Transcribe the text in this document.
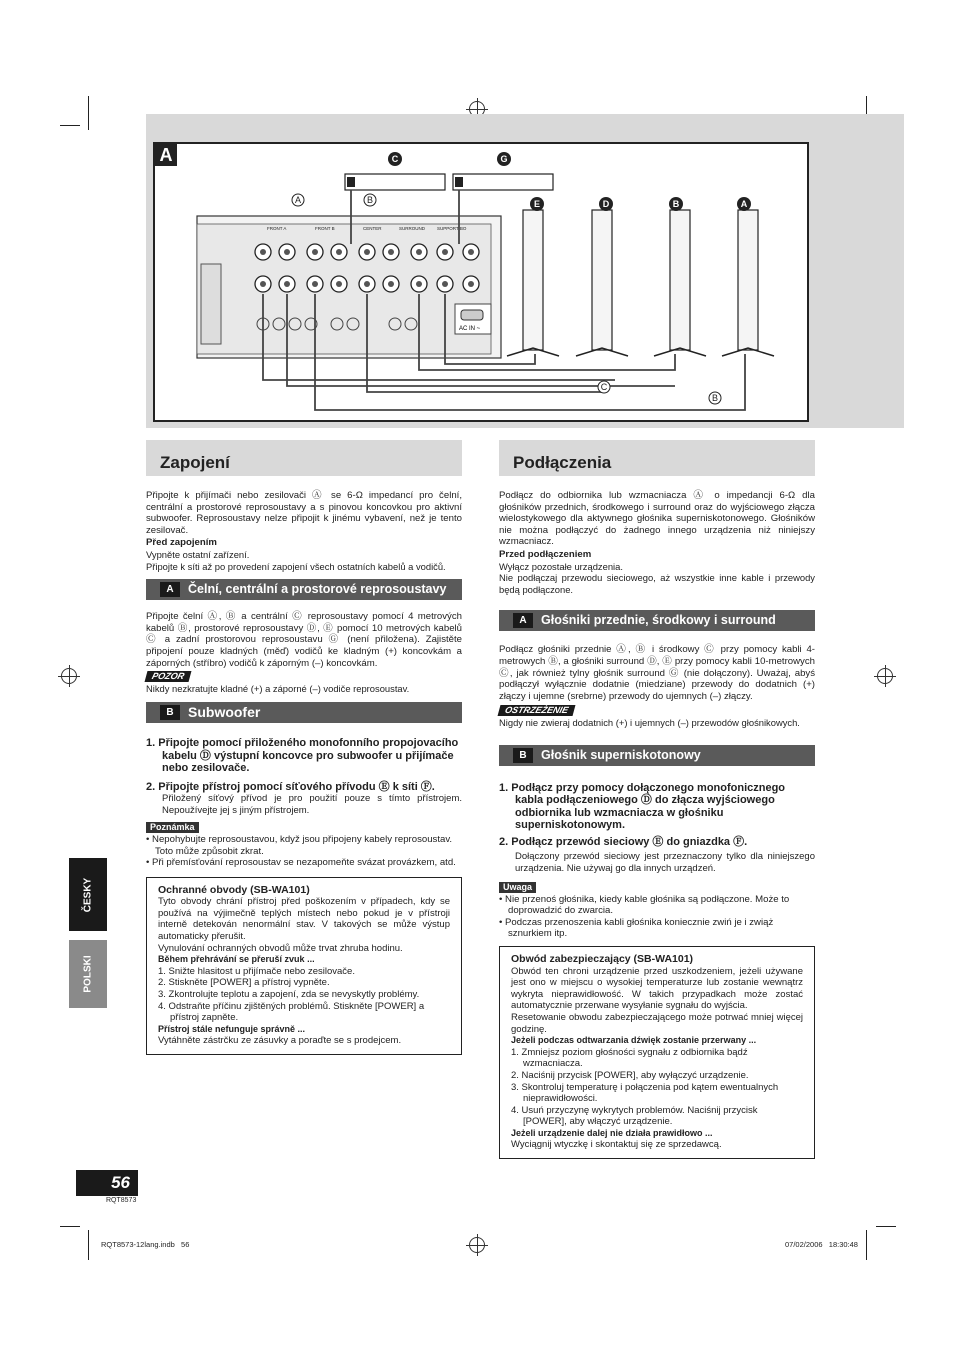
A
AC IN ~
FRONT A	FRONT B	CENTER	SURROUND	SUPPORT BO
C	G
A	B	E	D	B	A
C
B
Zapojení

Připojte k přijímači nebo zesilovači Ⓐ se 6-Ω impedancí pro čelní, centrální a prostorové reprosoustavy a s pinovou koncovkou pro aktivní subwoofer. Reprosoustavy nelze připojit k jinému vybavení, než je tento zesilovač.

Před zapojením

Vypněte ostatní zařízení.

Připojte k síti až po provedení zapojení všech ostatních kabelů a vodičů.

A	Čelní, centrální a prostorové reprosoustavy

Připojte čelní Ⓐ, Ⓑ a centrální Ⓒ reprosoustavy pomocí 4 metrových kabelů Ⓑ, prostorové reprosoustavy Ⓓ, Ⓔ pomocí 10 metrových kabelů Ⓒ a zadní prostorovou reprosoustavu Ⓖ (není přiložena). Zajistěte připojení pouze kladných (měď) vodičů ke kladným (+) koncovkám a záporných (stříbro) vodičů k záporným (–) koncovkám.

POZOR

Nikdy nezkratujte kladné (+) a záporné (–) vodiče reprosoustav.

B	Subwoofer
1. Připojte pomocí přiloženého monofonního propojovacího kabelu Ⓓ výstupní koncovce pro subwoofer u přijímače nebo zesilovače.
2. Připojte přístroj pomocí síťového přívodu Ⓔ k síti Ⓕ.

Přiložený síťový přívod je pro použití pouze s tímto přístrojem. Nepoužívejte jej s jiným přístrojem.

Poznámka

• Nepohybujte reprosoustavou, když jsou připojeny kabely reprosoustav. Toto může způsobit zkrat.

• Při přemísťování reprosoustav se nezapomeňte svázat provázkem, atd.

Ochranné obvody (SB-WA101)

Tyto obvody chrání přístroj před poškozením v případech, kdy se používá na výjimečně teplých místech nebo pokud je v přístroji interně detekován nenormální stav. V takových se může výstup automaticky přerušit.

Vynulování ochranných obvodů může trvat zhruba hodinu.

Během přehrávání se přeruší zvuk ...
1. Snižte hlasitost u přijímače nebo zesilovače.
2. Stiskněte [POWER] a přístroj vypněte.
3. Zkontrolujte teplotu a zapojení, zda se nevyskytly problémy.
4. Odstraňte příčinu zjištěných problémů. Stiskněte [POWER] a přístroj zapněte.
Přístroj stále nefunguje správně ...
Vytáhněte zástrčku ze zásuvky a poraďte se s prodejcem.
Podłączenia

Podłącz do odbiornika lub wzmacniacza Ⓐ o impedancji 6-Ω dla głośników przednich, środkowego i surround oraz do wyjściowego złącza wielostykowego dla aktywnego głośnika superniskotonowego. Głośników nie można podłączyć do żadnego innego urządzenia niż niniejszy wzmacniacz.

Przed podłączeniem

Wyłącz pozostałe urządzenia.

Nie podłączaj przewodu sieciowego, aż wszystkie inne kable i przewody będą podłączone.

A	Głośniki przednie, środkowy i surround

Podłącz głośniki przednie Ⓐ, Ⓑ i środkowy Ⓒ przy pomocy kabli 4-metrowych Ⓑ, a głośniki surround Ⓓ, Ⓔ przy pomocy kabli 10-metrowych Ⓒ, jak również tylny głośnik surround Ⓖ (nie dołączony). Uważaj, abyś podłączył wyłącznie dodatnie (miedziane) przewody do dodatnich (+) złączy i ujemne (srebrne) przewody do ujemnych (–) złączy.

OSTRZEŻENIE

Nigdy nie zwieraj dodatnich (+) i ujemnych (–) przewodów głośnikowych.

B	Głośnik superniskotonowy
1. Podłącz przy pomocy dołączonego monofonicznego kabla podłączeniowego Ⓓ do złącza wyjściowego odbiornika lub wzmacniacza w głośniku superniskotonowym.
2. Podłącz przewód sieciowy Ⓔ do gniazdka Ⓕ.

Dołączony przewód sieciowy jest przeznaczony tylko dla niniejszego urządzenia. Nie używaj go dla innych urządzeń.

Uwaga

• Nie przenoś głośnika, kiedy kable głośnika są podłączone. Może to doprowadzić do zwarcia.

• Podczas przenoszenia kabli głośnika koniecznie zwiń je i zwiąż sznurkiem itp.

Obwód zabezpieczający (SB-WA101)

Obwód ten chroni urządzenie przed uszkodzeniem, jeżeli używane jest ono w miejscu o wysokiej temperaturze lub zostanie wewnątrz wykryta nieprawidłowość. W takich przypadkach może zostać automatycznie przerwane wysyłanie sygnału do wyjścia.

Resetowanie obwodu zabezpieczającego może potrwać mniej więcej godzinę.

Jeżeli podczas odtwarzania dźwięk zostanie przerwany ...
1. Zmniejsz poziom głośności sygnału z odbiornika bądź wzmacniacza.
2. Naciśnij przycisk [POWER], aby wyłączyć urządzenie.
3. Skontroluj temperaturę i połączenia pod kątem ewentualnych nieprawidłowości.
4. Usuń przyczynę wykrytych problemów. Naciśnij przycisk [POWER], aby włączyć urządzenie.
Jeżeli urządzenie dalej nie działa prawidłowo ...
Wyciągnij wtyczkę i skontaktuj się ze sprzedawcą.
ČESKY
POLSKI
56
RQT8573
RQT8573-12lang.indb   56	07/02/2006   18:30:48
